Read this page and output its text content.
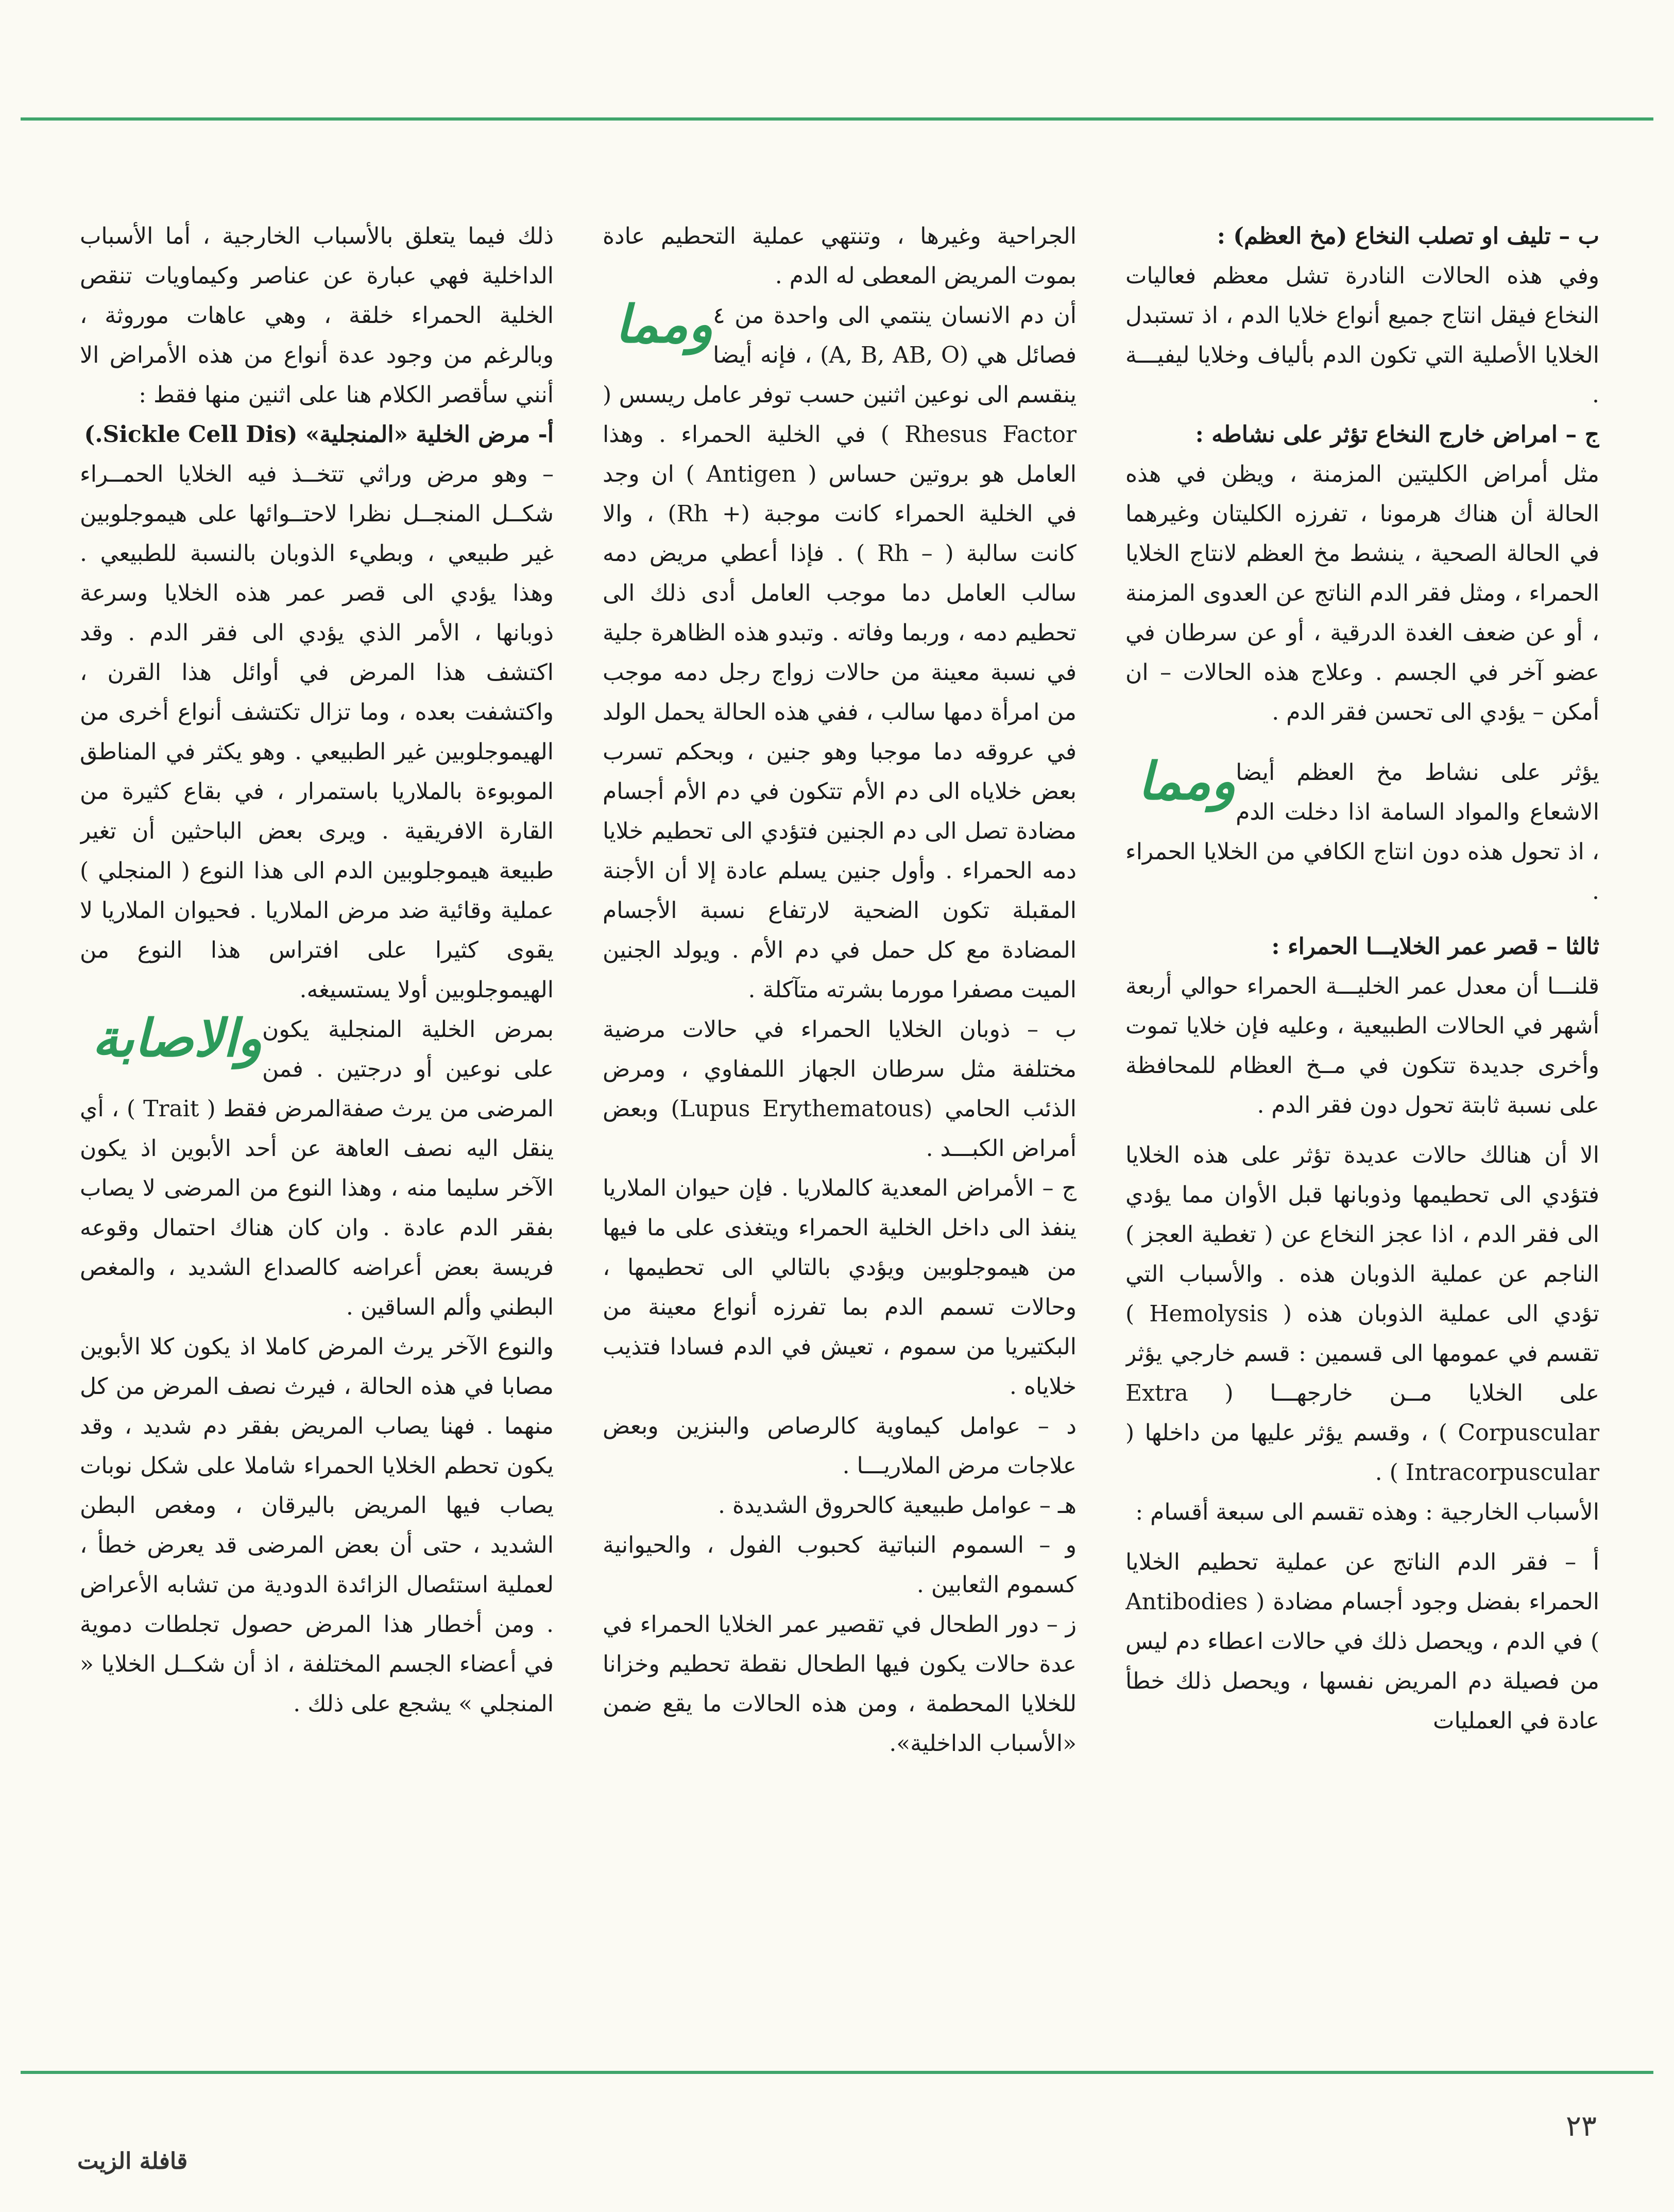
ب – تليف او تصلب النخاع (مخ العظم) :

وفي هذه الحالات النادرة تشل معظم فعاليات النخاع فيقل انتاج جميع أنواع خلايا الدم ، اذ تستبدل الخلايا الأصلية التي تكون الدم بألياف وخلايا ليفيـــة .

ج – امراض خارج النخاع تؤثر على نشاطه :

مثل أمراض الكليتين المزمنة ، ويظن في هذه الحالة أن هناك هرمونا ، تفرزه الكليتان وغيرهما في الحالة الصحية ، ينشط مخ العظم لانتاج الخلايا الحمراء ، ومثل فقر الدم الناتج عن العدوى المزمنة ، أو عن ضعف الغدة الدرقية ، أو عن سرطان في عضو آخر في الجسم . وعلاج هذه الحالات – ان أمكن – يؤدي الى تحسن فقر الدم .

ومما يؤثر على نشاط مخ العظم أيضا الاشعاع والمواد السامة اذا دخلت الدم ، اذ تحول هذه دون انتاج الكافي من الخلايا الحمراء .

ثالثا – قصر عمر الخلايـــا الحمراء :

قلنـــا أن معدل عمر الخليـــة الحمراء حوالي أربعة أشهر في الحالات الطبيعية ، وعليه فإن خلايا تموت وأخرى جديدة تتكون في مــخ العظام للمحافظة على نسبة ثابتة تحول دون فقر الدم .

الا أن هنالك حالات عديدة تؤثر على هذه الخلايا فتؤدي الى تحطيمها وذوبانها قبل الأوان مما يؤدي الى فقر الدم ، اذا عجز النخاع عن ( تغطية العجز ) الناجم عن عملية الذوبان هذه . والأسباب التي تؤدي الى عملية الذوبان هذه ( Hemolysis ) تقسم في عمومها الى قسمين : قسم خارجي يؤثر على الخلايا مــن خارجهـــا ( Extra Corpuscular ) ، وقسم يؤثر عليها من داخلها ( Intracorpuscular ) .

الأسباب الخارجية : وهذه تقسم الى سبعة أقسام :

أ – فقر الدم الناتج عن عملية تحطيم الخلايا الحمراء بفضل وجود أجسام مضادة ( Antibodies ) في الدم ، ويحصل ذلك في حالات اعطاء دم ليس من فصيلة دم المريض نفسها ، ويحصل ذلك خطأ عادة في العمليات

الجراحية وغيرها ، وتنتهي عملية التحطيم عادة بموت المريض المعطى له الدم .

ومما أن دم الانسان ينتمي الى واحدة من ٤ فصائل هي (A, B, AB, O) ، فإنه أيضا ينقسم الى نوعين اثنين حسب توفر عامل ريسس ( Rhesus Factor ) في الخلية الحمراء . وهذا العامل هو بروتين حساس ( Antigen ) ان وجد في الخلية الحمراء كانت موجبة (+ Rh) ، والا كانت سالبة ( – Rh ) . فإذا أعطي مريض دمه سالب العامل دما موجب العامل أدى ذلك الى تحطيم دمه ، وربما وفاته . وتبدو هذه الظاهرة جلية في نسبة معينة من حالات زواج رجل دمه موجب من امرأة دمها سالب ، ففي هذه الحالة يحمل الولد في عروقه دما موجبا وهو جنين ، وبحكم تسرب بعض خلاياه الى دم الأم تتكون في دم الأم أجسام مضادة تصل الى دم الجنين فتؤدي الى تحطيم خلايا دمه الحمراء . وأول جنين يسلم عادة إلا أن الأجنة المقبلة تكون الضحية لارتفاع نسبة الأجسام المضادة مع كل حمل في دم الأم . ويولد الجنين الميت مصفرا مورما بشرته متآكلة .

ب – ذوبان الخلايا الحمراء في حالات مرضية مختلفة مثل سرطان الجهاز اللمفاوي ، ومرض الذئب الحامي (Lupus Erythematous) وبعض أمراض الكبـــد .

ج – الأمراض المعدية كالملاريا . فإن حيوان الملاريا ينفذ الى داخل الخلية الحمراء ويتغذى على ما فيها من هيموجلوبين ويؤدي بالتالي الى تحطيمها ، وحالات تسمم الدم بما تفرزه أنواع معينة من البكتيريا من سموم ، تعيش في الدم فسادا فتذيب خلاياه .

د – عوامل كيماوية كالرصاص والبنزين وبعض علاجات مرض الملاريـــا .

هـ – عوامل طبيعية كالحروق الشديدة .

و – السموم النباتية كحبوب الفول ، والحيوانية كسموم الثعابين .

ز – دور الطحال في تقصير عمر الخلايا الحمراء في عدة حالات يكون فيها الطحال نقطة تحطيم وخزانا للخلايا المحطمة ، ومن هذه الحالات ما يقع ضمن «الأسباب الداخلية».

ذلك فيما يتعلق بالأسباب الخارجية ، أما الأسباب الداخلية فهي عبارة عن عناصر وكيماويات تنقص الخلية الحمراء خلقة ، وهي عاهات موروثة ، وبالرغم من وجود عدة أنواع من هذه الأمراض الا أنني سأقصر الكلام هنا على اثنين منها فقط :

أ- مرض الخلية «المنجلية» (Sickle Cell Dis.)

– وهو مرض وراثي تتخــذ فيه الخلايا الحمــراء شكــل المنجــل نظرا لاحتــوائها على هيموجلوبين غير طبيعي ، وبطيء الذوبان بالنسبة للطبيعي . وهذا يؤدي الى قصر عمر هذه الخلايا وسرعة ذوبانها ، الأمر الذي يؤدي الى فقر الدم . وقد اكتشف هذا المرض في أوائل هذا القرن ، واكتشفت بعده ، وما تزال تكتشف أنواع أخرى من الهيموجلوبين غير الطبيعي . وهو يكثر في المناطق الموبوءة بالملاريا باستمرار ، في بقاع كثيرة من القارة الافريقية . ويرى بعض الباحثين أن تغير طبيعة هيموجلوبين الدم الى هذا النوع ( المنجلي ) عملية وقائية ضد مرض الملاريا . فحيوان الملاريا لا يقوى كثيرا على افتراس هذا النوع من الهيموجلوبين أولا يستسيغه.

والاصابة بمرض الخلية المنجلية يكون على نوعين أو درجتين . فمن المرضى من يرث صفةالمرض فقط ( Trait ) ، أي ينقل اليه نصف العاهة عن أحد الأبوين اذ يكون الآخر سليما منه ، وهذا النوع من المرضى لا يصاب بفقر الدم عادة . وان كان هناك احتمال وقوعه فريسة بعض أعراضه كالصداع الشديد ، والمغص البطني وألم الساقين .

والنوع الآخر يرث المرض كاملا اذ يكون كلا الأبوين مصابا في هذه الحالة ، فيرث نصف المرض من كل منهما . فهنا يصاب المريض بفقر دم شديد ، وقد يكون تحطم الخلايا الحمراء شاملا على شكل نوبات يصاب فيها المريض باليرقان ، ومغص البطن الشديد ، حتى أن بعض المرضى قد يعرض خطأ ، لعملية استئصال الزائدة الدودية من تشابه الأعراض . ومن أخطار هذا المرض حصول تجلطات دموية في أعضاء الجسم المختلفة ، اذ أن شكــل الخلايا « المنجلي » يشجع على ذلك .

٢٣
قافلة الزيت
